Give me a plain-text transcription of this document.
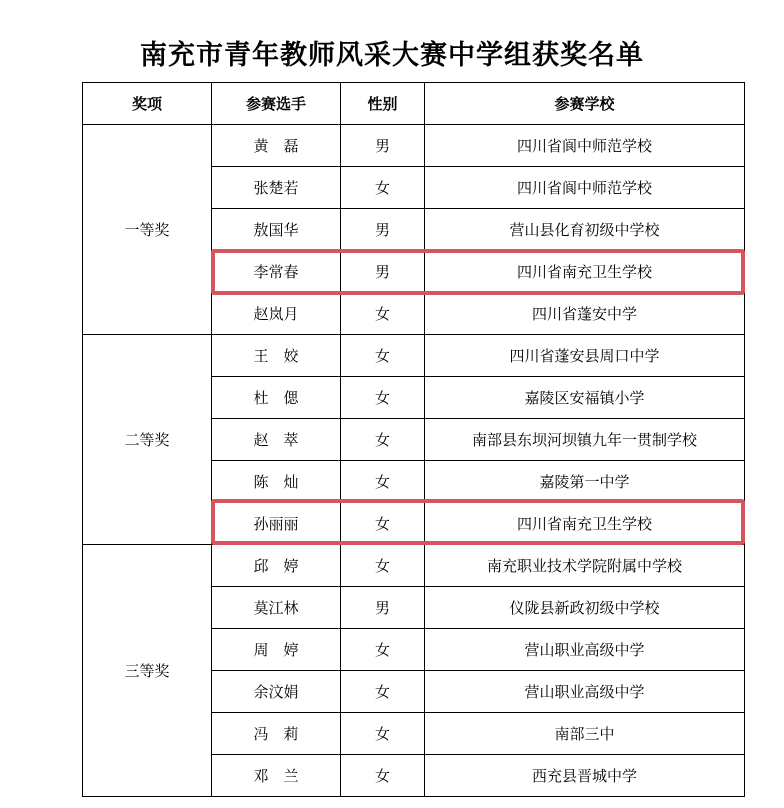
南充市青年教师风采大赛中学组获奖名单
奖项	参赛选手	性别	参赛学校
一等奖	黄　磊	男	四川省阆中师范学校
	张楚若	女	四川省阆中师范学校
	敖国华	男	营山县化育初级中学校
	李常春	男	四川省南充卫生学校
	赵岚月	女	四川省蓬安中学
二等奖	王　姣	女	四川省蓬安县周口中学
	杜　偲	女	嘉陵区安福镇小学
	赵　萃	女	南部县东坝河坝镇九年一贯制学校
	陈　灿	女	嘉陵第一中学
	孙丽丽	女	四川省南充卫生学校
三等奖	邱　婷	女	南充职业技术学院附属中学校
	莫江林	男	仪陇县新政初级中学校
	周　婷	女	营山职业高级中学
	余汶娟	女	营山职业高级中学
	冯　莉	女	南部三中
	邓　兰	女	西充县晋城中学
